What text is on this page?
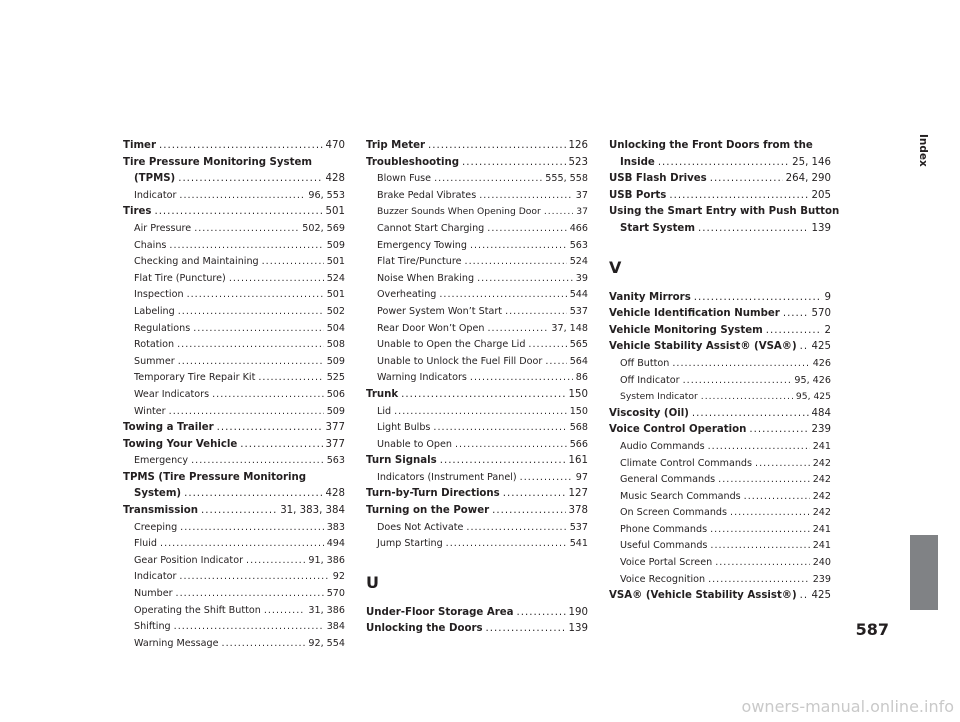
Timer .....	470
Tire Pressure Monitoring System
(TPMS) .....	428
Indicator .....	96, 553
Tires .....	501
Air Pressure .....	502, 569
Chains .....	509
Checking and Maintaining .....	501
Flat Tire (Puncture) .....	524
Inspection .....	501
Labeling .....	502
Regulations .....	504
Rotation .....	508
Summer .....	509
Temporary Tire Repair Kit .....	525
Wear Indicators .....	506
Winter .....	509
Towing a Trailer .....	377
Towing Your Vehicle .....	377
Emergency .....	563
TPMS (Tire Pressure Monitoring
System) .....	428
Transmission .....	31, 383, 384
Creeping .....	383
Fluid .....	494
Gear Position Indicator .....	91, 386
Indicator .....	92
Number .....	570
Operating the Shift Button .....	31, 386
Shifting .....	384
Warning Message .....	92, 554
Trip Meter .....	126
Troubleshooting .....	523
Blown Fuse .....	555, 558
Brake Pedal Vibrates .....	37
Buzzer Sounds When Opening Door .....	37
Cannot Start Charging .....	466
Emergency Towing .....	563
Flat Tire/Puncture .....	524
Noise When Braking .....	39
Overheating .....	544
Power System Won’t Start .....	537
Rear Door Won’t Open .....	37, 148
Unable to Open the Charge Lid .....	565
Unable to Unlock the Fuel Fill Door .....	564
Warning Indicators .....	86
Trunk .....	150
Lid .....	150
Light Bulbs .....	568
Unable to Open .....	566
Turn Signals .....	161
Indicators (Instrument Panel) .....	97
Turn-by-Turn Directions .....	127
Turning on the Power .....	378
Does Not Activate .....	537
Jump Starting .....	541
U
Under-Floor Storage Area .....	190
Unlocking the Doors .....	139
Unlocking the Front Doors from the
Inside .....	25, 146
USB Flash Drives .....	264, 290
USB Ports .....	205
Using the Smart Entry with Push Button
Start System .....	139
V
Vanity Mirrors .....	9
Vehicle Identification Number .....	570
Vehicle Monitoring System .....	2
Vehicle Stability Assist® (VSA®) ..... 425
Off Button .....	426
Off Indicator .....	95, 426
System Indicator .....	95, 425
Viscosity (Oil) .....	484
Voice Control Operation .....	239
Audio Commands .....	241
Climate Control Commands .....	242
General Commands .....	242
Music Search Commands .....	242
On Screen Commands .....	242
Phone Commands .....	241
Useful Commands .....	241
Voice Portal Screen .....	240
Voice Recognition .....	239
VSA® (Vehicle Stability Assist®) ..... 425
Index
587
owners-manual.online.info
